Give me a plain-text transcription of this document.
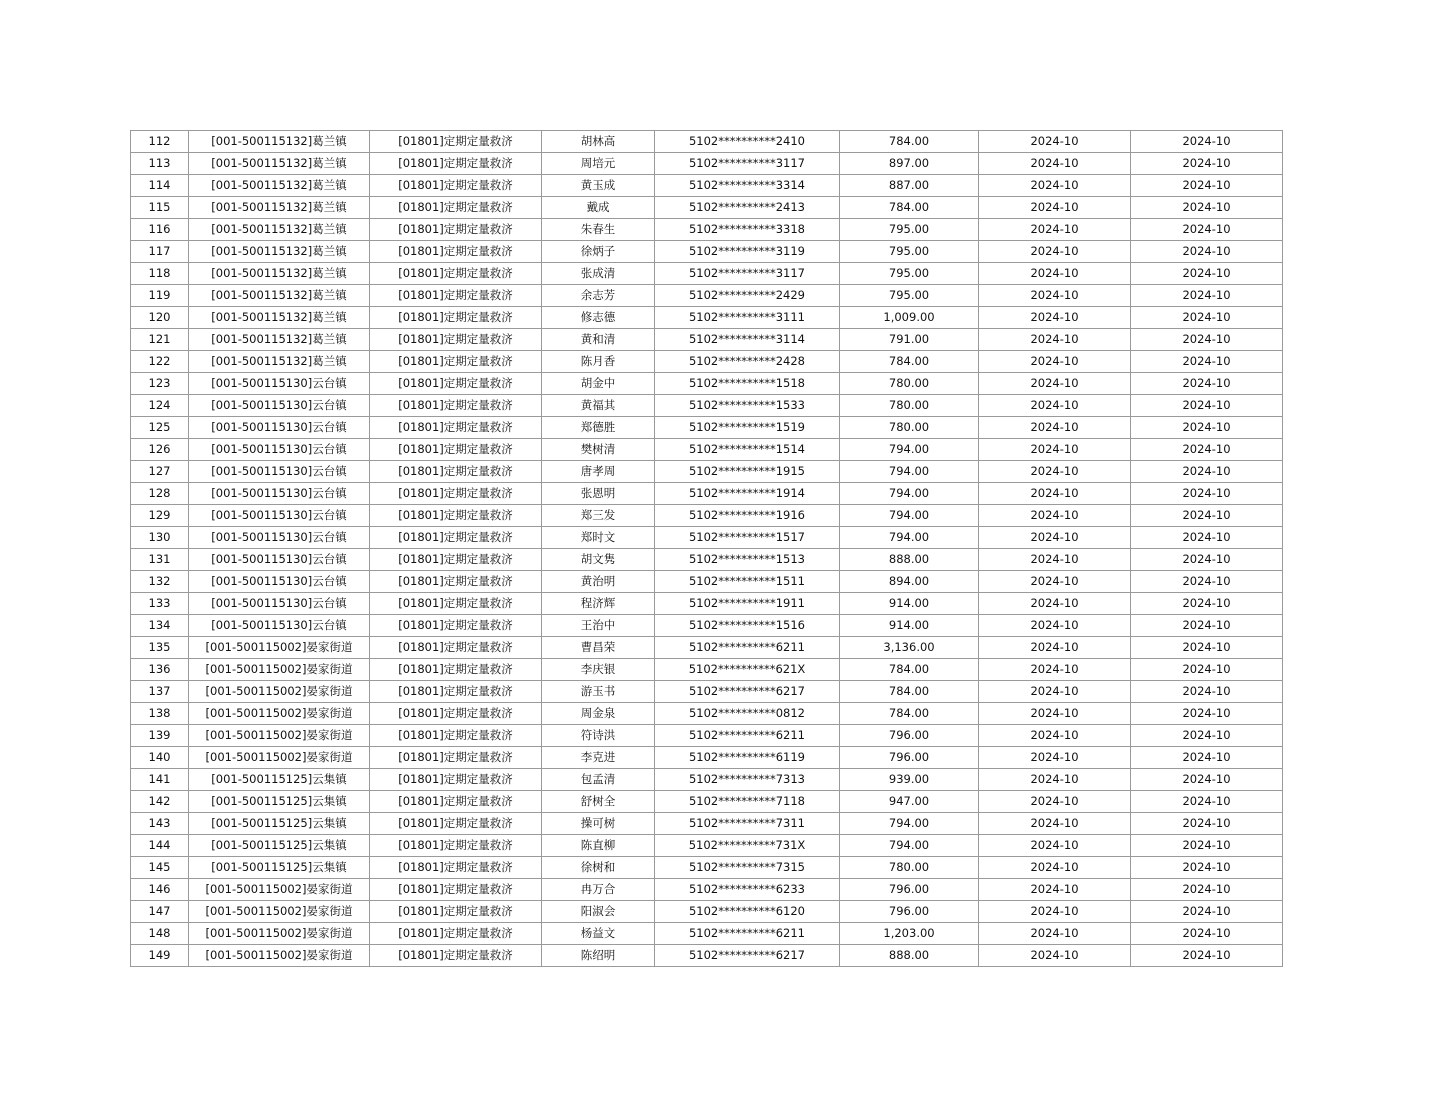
112	[001-500115132]葛兰镇	[01801]定期定量救济	胡林高	5102**********2410	784.00	2024-10	2024-10
113	[001-500115132]葛兰镇	[01801]定期定量救济	周培元	5102**********3117	897.00	2024-10	2024-10
114	[001-500115132]葛兰镇	[01801]定期定量救济	黄玉成	5102**********3314	887.00	2024-10	2024-10
115	[001-500115132]葛兰镇	[01801]定期定量救济	戴成	5102**********2413	784.00	2024-10	2024-10
116	[001-500115132]葛兰镇	[01801]定期定量救济	朱春生	5102**********3318	795.00	2024-10	2024-10
117	[001-500115132]葛兰镇	[01801]定期定量救济	徐炳子	5102**********3119	795.00	2024-10	2024-10
118	[001-500115132]葛兰镇	[01801]定期定量救济	张成清	5102**********3117	795.00	2024-10	2024-10
119	[001-500115132]葛兰镇	[01801]定期定量救济	余志芳	5102**********2429	795.00	2024-10	2024-10
120	[001-500115132]葛兰镇	[01801]定期定量救济	修志德	5102**********3111	1,009.00	2024-10	2024-10
121	[001-500115132]葛兰镇	[01801]定期定量救济	黄和清	5102**********3114	791.00	2024-10	2024-10
122	[001-500115132]葛兰镇	[01801]定期定量救济	陈月香	5102**********2428	784.00	2024-10	2024-10
123	[001-500115130]云台镇	[01801]定期定量救济	胡金中	5102**********1518	780.00	2024-10	2024-10
124	[001-500115130]云台镇	[01801]定期定量救济	黄福其	5102**********1533	780.00	2024-10	2024-10
125	[001-500115130]云台镇	[01801]定期定量救济	郑德胜	5102**********1519	780.00	2024-10	2024-10
126	[001-500115130]云台镇	[01801]定期定量救济	樊树清	5102**********1514	794.00	2024-10	2024-10
127	[001-500115130]云台镇	[01801]定期定量救济	唐孝周	5102**********1915	794.00	2024-10	2024-10
128	[001-500115130]云台镇	[01801]定期定量救济	张恩明	5102**********1914	794.00	2024-10	2024-10
129	[001-500115130]云台镇	[01801]定期定量救济	郑三发	5102**********1916	794.00	2024-10	2024-10
130	[001-500115130]云台镇	[01801]定期定量救济	郑时文	5102**********1517	794.00	2024-10	2024-10
131	[001-500115130]云台镇	[01801]定期定量救济	胡文隽	5102**********1513	888.00	2024-10	2024-10
132	[001-500115130]云台镇	[01801]定期定量救济	黄治明	5102**********1511	894.00	2024-10	2024-10
133	[001-500115130]云台镇	[01801]定期定量救济	程济辉	5102**********1911	914.00	2024-10	2024-10
134	[001-500115130]云台镇	[01801]定期定量救济	王治中	5102**********1516	914.00	2024-10	2024-10
135	[001-500115002]晏家街道	[01801]定期定量救济	曹昌荣	5102**********6211	3,136.00	2024-10	2024-10
136	[001-500115002]晏家街道	[01801]定期定量救济	李庆银	5102**********621X	784.00	2024-10	2024-10
137	[001-500115002]晏家街道	[01801]定期定量救济	游玉书	5102**********6217	784.00	2024-10	2024-10
138	[001-500115002]晏家街道	[01801]定期定量救济	周金泉	5102**********0812	784.00	2024-10	2024-10
139	[001-500115002]晏家街道	[01801]定期定量救济	符诗洪	5102**********6211	796.00	2024-10	2024-10
140	[001-500115002]晏家街道	[01801]定期定量救济	李克进	5102**********6119	796.00	2024-10	2024-10
141	[001-500115125]云集镇	[01801]定期定量救济	包孟清	5102**********7313	939.00	2024-10	2024-10
142	[001-500115125]云集镇	[01801]定期定量救济	舒树全	5102**********7118	947.00	2024-10	2024-10
143	[001-500115125]云集镇	[01801]定期定量救济	操可树	5102**********7311	794.00	2024-10	2024-10
144	[001-500115125]云集镇	[01801]定期定量救济	陈直柳	5102**********731X	794.00	2024-10	2024-10
145	[001-500115125]云集镇	[01801]定期定量救济	徐树和	5102**********7315	780.00	2024-10	2024-10
146	[001-500115002]晏家街道	[01801]定期定量救济	冉万合	5102**********6233	796.00	2024-10	2024-10
147	[001-500115002]晏家街道	[01801]定期定量救济	阳淑会	5102**********6120	796.00	2024-10	2024-10
148	[001-500115002]晏家街道	[01801]定期定量救济	杨益文	5102**********6211	1,203.00	2024-10	2024-10
149	[001-500115002]晏家街道	[01801]定期定量救济	陈绍明	5102**********6217	888.00	2024-10	2024-10
